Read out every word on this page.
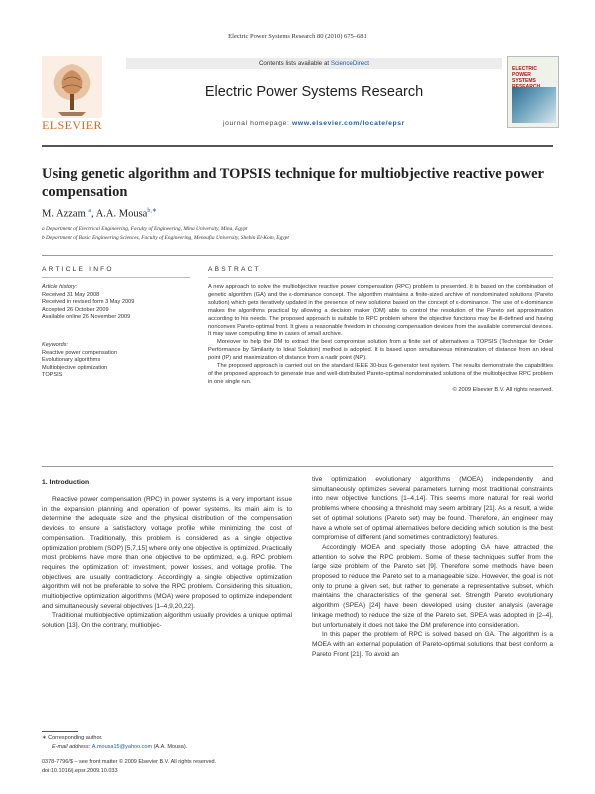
Electric Power Systems Research 80 (2010) 675–681
Contents lists available at ScienceDirect
Electric Power Systems Research
journal homepage: www.elsevier.com/locate/epsr
ELSEVIER
ELECTRIC POWER SYSTEMS
Using genetic algorithm and TOPSIS technique for multiobjective reactive power compensation
M. Azzam $^a$, A.A. Mousa$^{b,∗}$
a Department of Electrical Engineering, Faculty of Engineering, Mina University, Mina, Egypt
b Department of Basic Engineering Sciences, Faculty of Engineering, Menoufia University, Shebin El-Kom, Egypt
ARTICLE INFO	ABSTRACT
Article history:
Received 31 May 2008
Received in revised form 3 May 2009
Accepted 26 October 2009
Available online 26 November 2009
Keywords:
Reactive power compensation
Evolutionary algorithms
Multiobjective optimization
TOPSIS

A new approach to solve the multiobjective reactive power compensation (RPC) problem is presented. It is based on the combination of genetic algorithm (GA) and the ε-dominance concept. The algorithm maintains a finite-sized archive of nondominated solutions (Pareto solution) which gets iteratively updated in the presence of new solutions based on the concept of ε-dominance. The use of ε-dominance makes the algorithms practical by allowing a decision maker (DM) able to control the resolution of the Pareto set approximation according to his needs. The proposed approach is suitable to RPC problem where the objective functions may be ill-defined and having nonconvex Pareto-optimal front. It gives a reasonable freedom in choosing compensation devices from the available commercial devices. It may save computing time in cases of small archive.

Moreover to help the DM to extract the best compromise solution from a finite set of alternatives a TOPSIS (Technique for Order Performance by Similarity to Ideal Solution) method is adopted. It is based upon simultaneous minimization of distance from an ideal point (IP) and maximization of distance from a nadir point (NP).

The proposed approach is carried out on the standard IEEE 30-bus 6-generator test system. The results demonstrate the capabilities of the proposed approach to generate true and well-distributed Pareto-optimal nondominated solutions of the multiobjective RPC problem in one single run.

© 2009 Elsevier B.V. All rights reserved.
1. Introduction

Reactive power compensation (RPC) in power systems is a very important issue in the expansion planning and operation of power systems. Its main aim is to determine the adequate size and the physical distribution of the compensation devices to ensure a satisfactory voltage profile while minimizing the cost of compensation. Traditionally, this problem is considered as a single objective optimization problem (SOP) [5,7,15] where only one objective is optimized. Practically most problems have more than one objective to be optimized, e.g. RPC problem requires the optimization of: investment, power losses, and voltage profile. The objectives are usually contradictory. Accordingly a single objective optimization algorithm will not be preferable to solve the RPC problem. Considering this situation, multiobjective optimization algorithms (MOA) were proposed to optimize independent and simultaneously several objectives [1–4,9,20,22].

Traditional multiobjective optimization algorithm usually provides a unique optimal solution [13]. On the contrary, multiobjec-

tive optimization evolutionary algorithms (MOEA) independently and simultaneously optimizes several parameters turning most traditional constraints into new objective functions [1–4,14]. This seems more natural for real world problems where choosing a threshold may seem arbitrary [21]. As a result, a wide set of optimal solutions (Pareto set) may be found. Therefore, an engineer may have a whole set of optimal alternatives before deciding which solution is the best compromise of different (and sometimes contradictory) features.

Accordingly MOEA and specially those adopting GA have attracted the attention to solve the RPC problem. Some of these techniques suffer from the large size problem of the Pareto set [9]. Therefore some methods have been proposed to reduce the Pareto set to a manageable size. However, the goal is not only to prune a given set, but rather to generate a representative subset, which maintains the characteristics of the general set. Strength Pareto evolutionary algorithm (SPEA) [24] have been developed using cluster analysis (average linkage method) to reduce the size of the Pareto set. SPEA was adopted in [2–4], but unfortunately it does not take the DM preference into consideration.

In this paper the problem of RPC is solved based on GA. The algorithm is a MOEA with an external population of Pareto-optimal solutions that best conform a Pareto Front [21]. To avoid an

∗ Corresponding author.
E-mail address: A.mousa15@yahoo.com (A.A. Mousa).
0378-7796/$ – see front matter © 2009 Elsevier B.V. All rights reserved.
doi:10.1016/j.epsr.2009.10.033
